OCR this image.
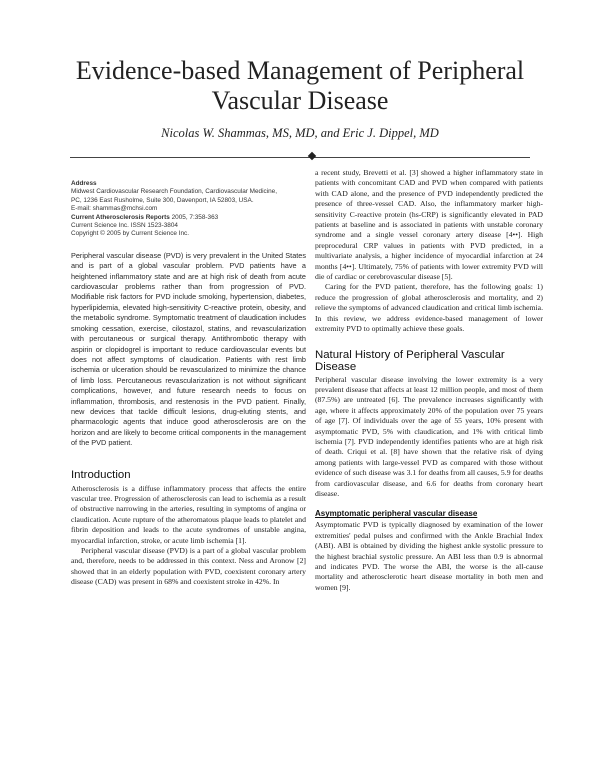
Evidence-based Management of Peripheral Vascular Disease
Nicolas W. Shammas, MS, MD, and Eric J. Dippel, MD
Address
Midwest Cardiovascular Research Foundation, Cardiovascular Medicine,
PC, 1236 East Rusholme, Suite 300, Davenport, IA 52803, USA.
E-mail: shammas@mchsi.com
Current Atherosclerosis Reports 2005, 7:358-363
Current Science Inc. ISSN 1523-3804
Copyright © 2005 by Current Science Inc.

Peripheral vascular disease (PVD) is very prevalent in the United States and is part of a global vascular problem. PVD patients have a heightened inflammatory state and are at high risk of death from acute cardiovascular problems rather than from progression of PVD. Modifiable risk factors for PVD include smoking, hypertension, diabetes, hyperlipidemia, elevated high-sensitivity C-reactive protein, obesity, and the metabolic syndrome. Symptomatic treatment of claudication includes smoking cessation, exercise, cilostazol, statins, and revascularization with percutaneous or surgical therapy. Antithrombotic therapy with aspirin or clopidogrel is important to reduce cardiovascular events but does not affect symptoms of claudication. Patients with rest limb ischemia or ulceration should be revascularized to minimize the chance of limb loss. Percutaneous revascularization is not without significant complications, however, and future research needs to focus on inflammation, thrombosis, and restenosis in the PVD patient. Finally, new devices that tackle difficult lesions, drug-eluting stents, and pharmacologic agents that induce good atherosclerosis are on the horizon and are likely to become critical components in the management of the PVD patient.

Introduction

Atherosclerosis is a diffuse inflammatory process that affects the entire vascular tree. Progression of atherosclerosis can lead to ischemia as a result of obstructive narrowing in the arteries, resulting in symptoms of angina or claudication. Acute rupture of the atheromatous plaque leads to platelet and fibrin deposition and leads to the acute syndromes of unstable angina, myocardial infarction, stroke, or acute limb ischemia [1].

Peripheral vascular disease (PVD) is a part of a global vascular problem and, therefore, needs to be addressed in this context. Ness and Aronow [2] showed that in an elderly population with PVD, coexistent coronary artery disease (CAD) was present in 68% and coexistent stroke in 42%. In

a recent study, Brevetti et al. [3] showed a higher inflammatory state in patients with concomitant CAD and PVD when compared with patients with CAD alone, and the presence of PVD independently predicted the presence of three-vessel CAD. Also, the inflammatory marker high-sensitivity C-reactive protein (hs-CRP) is significantly elevated in PAD patients at baseline and is associated in patients with unstable coronary syndrome and a single vessel coronary artery disease [4••]. High preprocedural CRP values in patients with PVD predicted, in a multivariate analysis, a higher incidence of myocardial infarction at 24 months [4••]. Ultimately, 75% of patients with lower extremity PVD will die of cardiac or cerebrovascular disease [5].

Caring for the PVD patient, therefore, has the following goals: 1) reduce the progression of global atherosclerosis and mortality, and 2) relieve the symptoms of advanced claudication and critical limb ischemia. In this review, we address evidence-based management of lower extremity PVD to optimally achieve these goals.

Natural History of Peripheral Vascular Disease

Peripheral vascular disease involving the lower extremity is a very prevalent disease that affects at least 12 million people, and most of them (87.5%) are untreated [6]. The prevalence increases significantly with age, where it affects approximately 20% of the population over 75 years of age [7]. Of individuals over the age of 55 years, 10% present with asymptomatic PVD, 5% with claudication, and 1% with critical limb ischemia [7]. PVD independently identifies patients who are at high risk of death. Criqui et al. [8] have shown that the relative risk of dying among patients with large-vessel PVD as compared with those without evidence of such disease was 3.1 for deaths from all causes, 5.9 for deaths from cardiovascular disease, and 6.6 for deaths from coronary heart disease.

Asymptomatic peripheral vascular disease

Asymptomatic PVD is typically diagnosed by examination of the lower extremities' pedal pulses and confirmed with the Ankle Brachial Index (ABI). ABI is obtained by dividing the highest ankle systolic pressure to the highest brachial systolic pressure. An ABI less than 0.9 is abnormal and indicates PVD. The worse the ABI, the worse is the all-cause mortality and atherosclerotic heart disease mortality in both men and women [9].
